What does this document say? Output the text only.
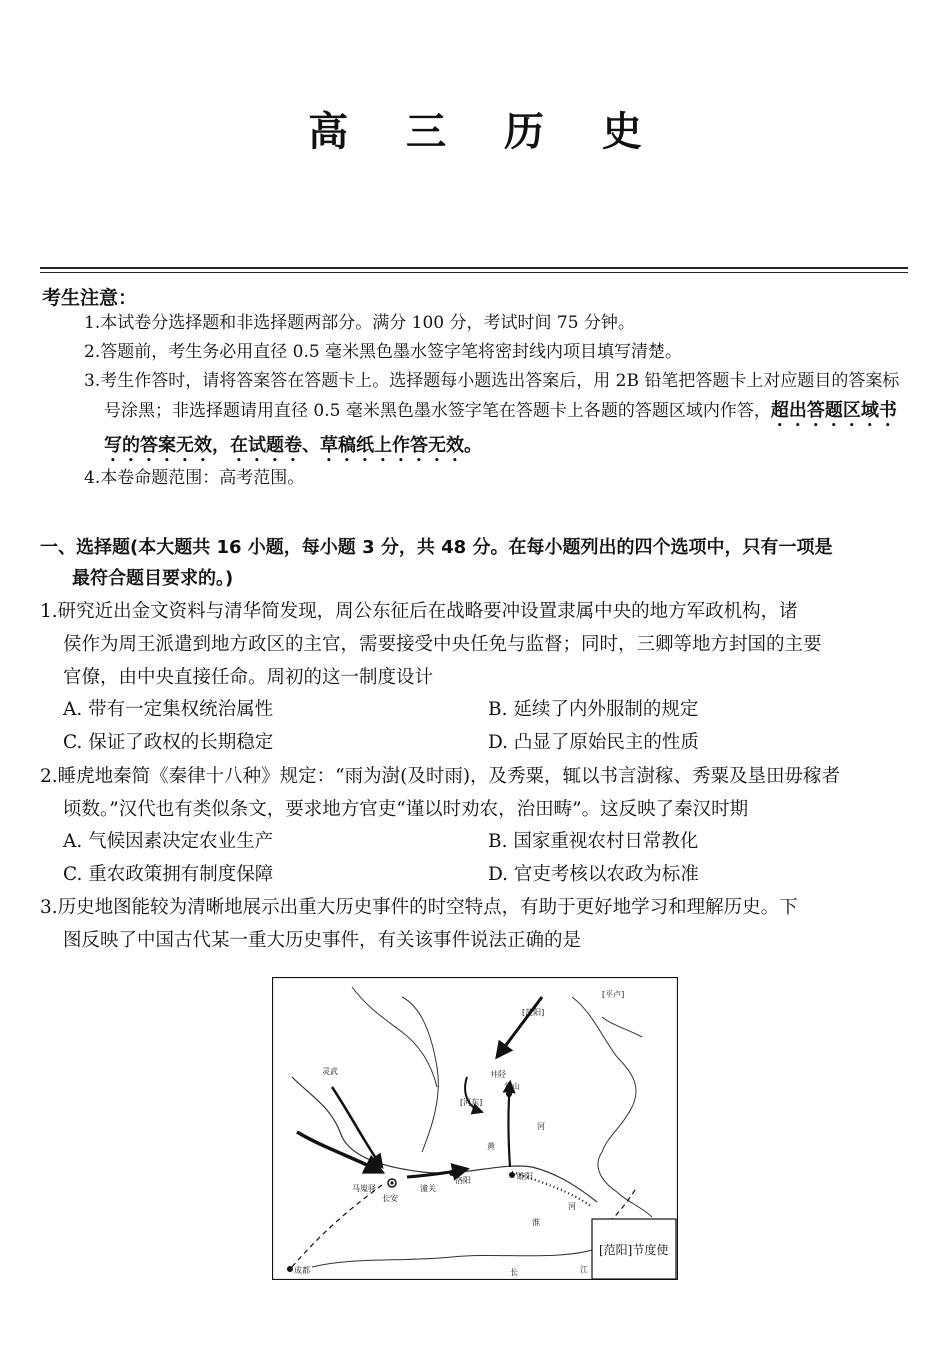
高 三 历 史
考生注意：
1.本试卷分选择题和非选择题两部分。满分 100 分，考试时间 75 分钟。
2.答题前，考生务必用直径 0.5 毫米黑色墨水签字笔将密封线内项目填写清楚。
3.考生作答时，请将答案答在答题卡上。选择题每小题选出答案后，用 2B 铅笔把答题卡上对应题目的答案标号涂黑；非选择题请用直径 0.5 毫米黑色墨水签字笔在答题卡上各题的答题区域内作答，超出答题区域书写的答案无效，在试题卷、草稿纸上作答无效。
4.本卷命题范围：高考范围。
一、选择题(本大题共 16 小题，每小题 3 分，共 48 分。在每小题列出的四个选项中，只有一项是
最符合题目要求的。)
1.研究近出金文资料与清华简发现，周公东征后在战略要冲设置隶属中央的地方军政机构，诸
侯作为周王派遣到地方政区的主官，需要接受中央任免与监督；同时，三卿等地方封国的主要
官僚，由中央直接任命。周初的这一制度设计
A. 带有一定集权统治属性	B. 延续了内外服制的规定
C. 保证了政权的长期稳定	D. 凸显了原始民主的性质
2.睡虎地秦简《秦律十八种》规定：“雨为澍(及时雨)，及秀粟，辄以书言澍稼、秀粟及垦田毋稼者
顷数。”汉代也有类似条文，要求地方官吏“谨以时劝农，治田畴”。这反映了秦汉时期
A. 气候因素决定农业生产	B. 国家重视农村日常教化
C. 重农政策拥有制度保障	D. 官吏考核以农政为标准
3.历史地图能较为清晰地展示出重大历史事件的时空特点，有助于更好地学习和理解历史。下
图反映了中国古代某一重大历史事件，有关该事件说法正确的是
[平卢]
[范阳]
灵武	井陉
常山
[河东]
黄
河
马嵬驿
长安
潼关
洛阳	睢阳
成都	长	江
淮
河
[范阳]节度使
